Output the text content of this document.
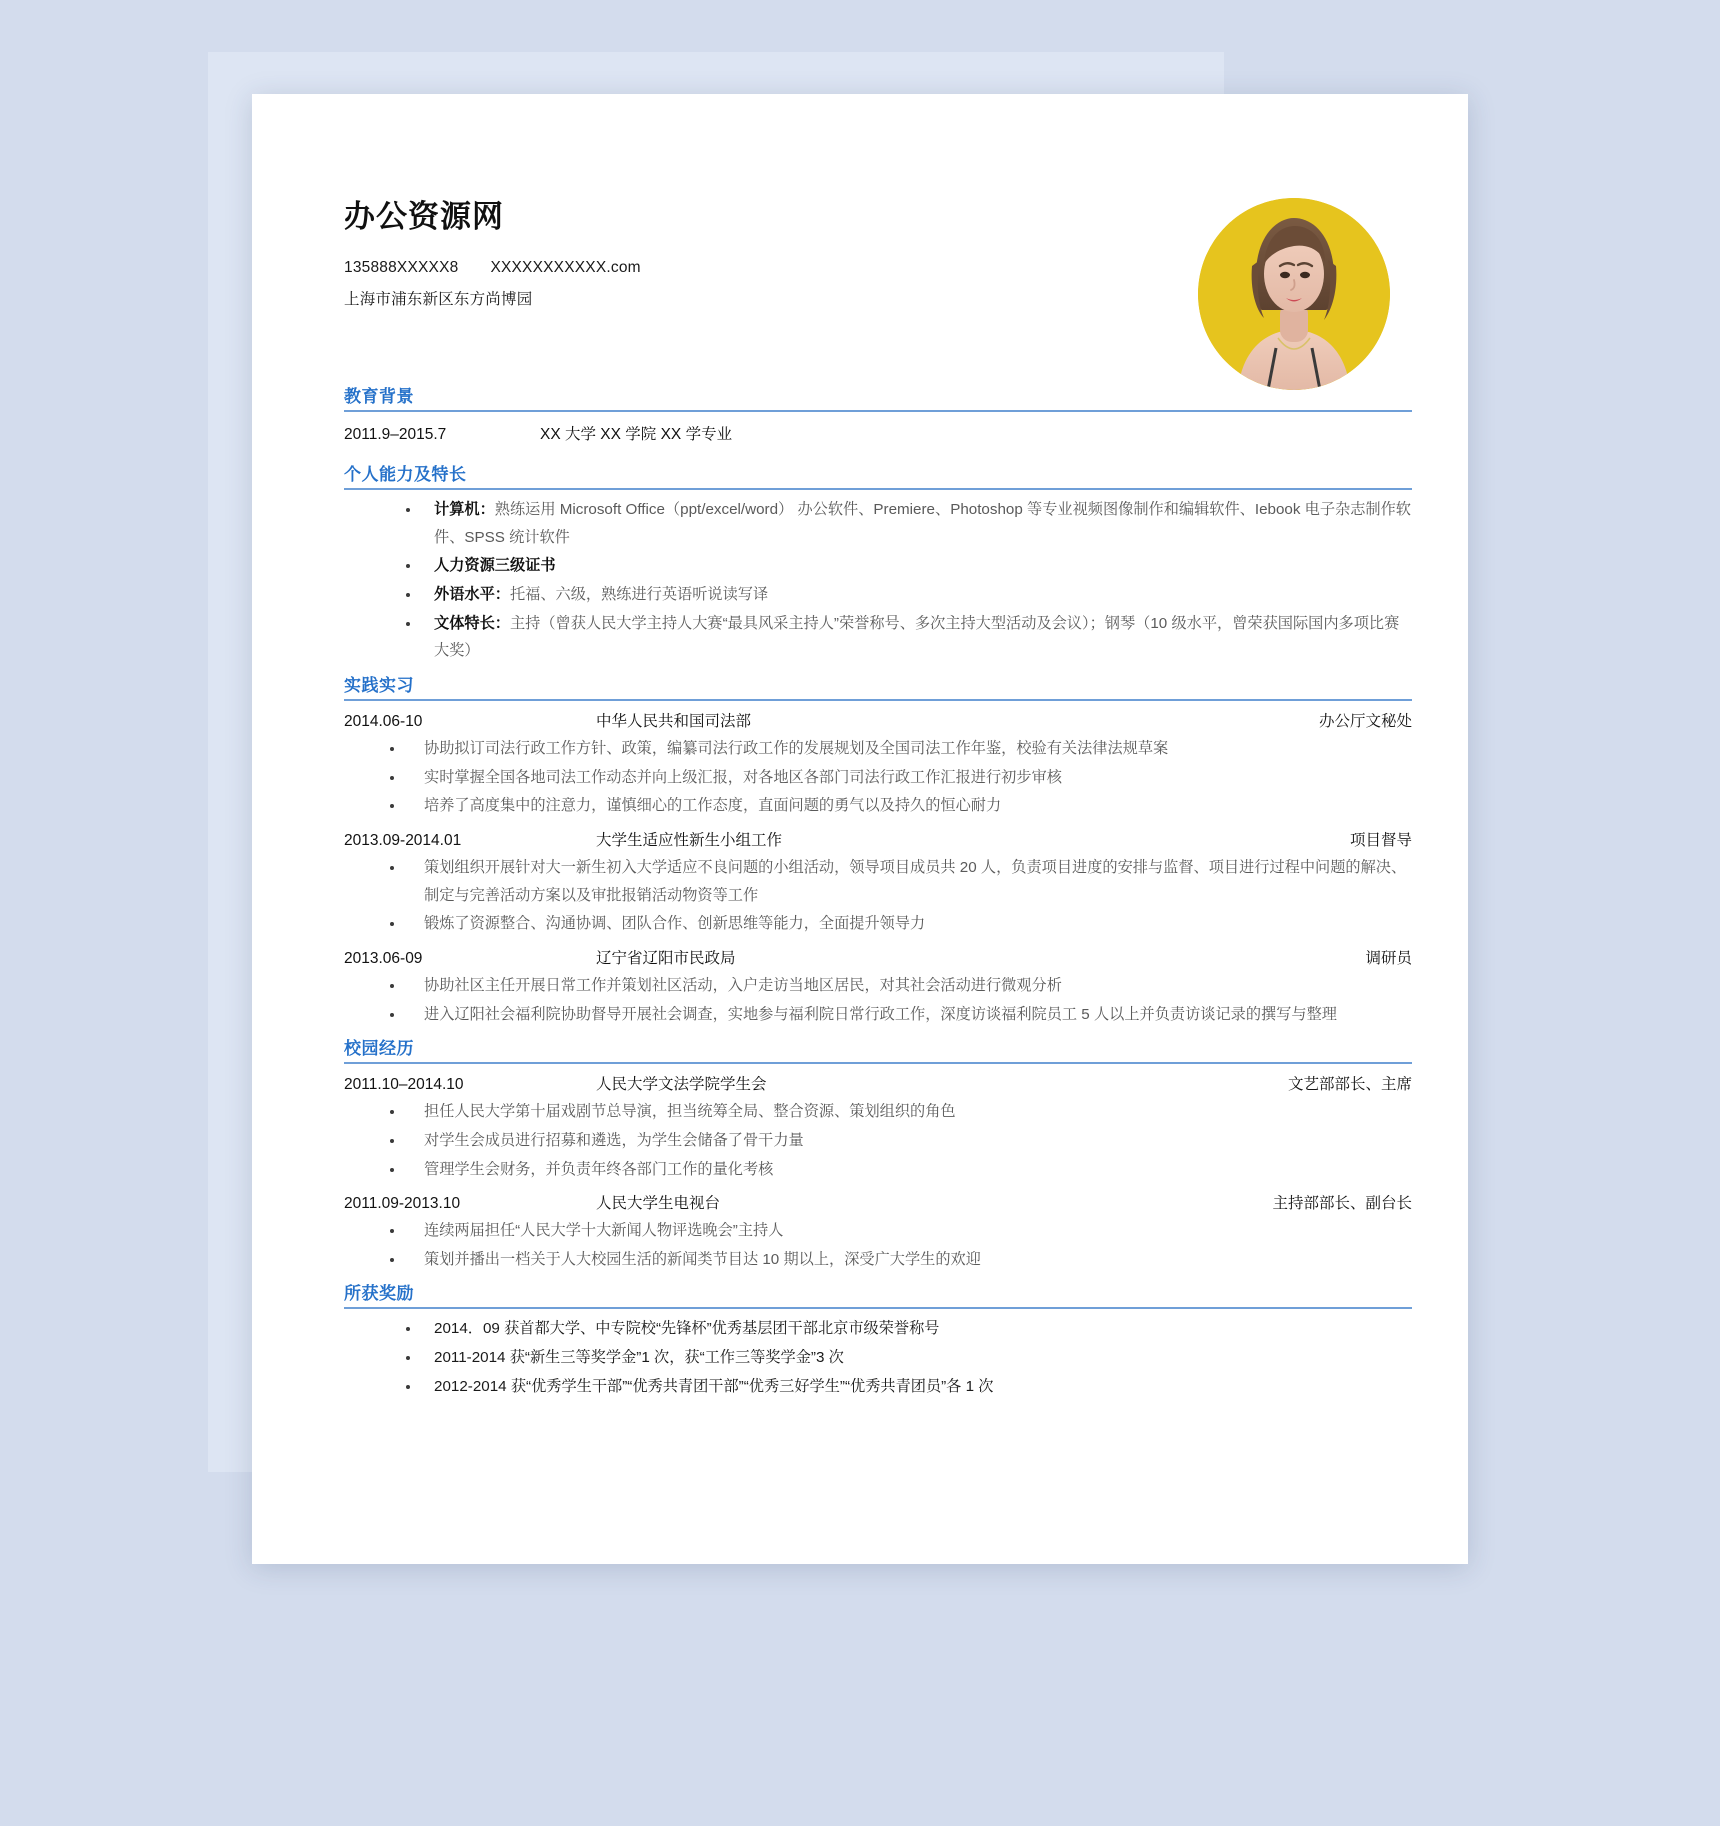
办公资源网
135888XXXXX8 XXXXXXXXXXX.com
上海市浦东新区东方尚博园
教育背景
2011.9–2015.7	XX 大学 XX 学院 XX 学专业
个人能力及特长
计算机：熟练运用 Microsoft Office（ppt/excel/word） 办公软件、Premiere、Photoshop 等专业视频图像制作和编辑软件、Iebook 电子杂志制作软件、SPSS 统计软件
人力资源三级证书
外语水平：托福、六级，熟练进行英语听说读写译
文体特长：主持（曾获人民大学主持人大赛“最具风采主持人”荣誉称号、多次主持大型活动及会议）；钢琴（10 级水平，曾荣获国际国内多项比赛大奖）
实践实习
2014.06-10	中华人民共和国司法部	办公厅文秘处
协助拟订司法行政工作方针、政策，编纂司法行政工作的发展规划及全国司法工作年鉴，校验有关法律法规草案
实时掌握全国各地司法工作动态并向上级汇报，对各地区各部门司法行政工作汇报进行初步审核
培养了高度集中的注意力，谨慎细心的工作态度，直面问题的勇气以及持久的恒心耐力
2013.09-2014.01	大学生适应性新生小组工作	项目督导
策划组织开展针对大一新生初入大学适应不良问题的小组活动，领导项目成员共 20 人，负责项目进度的安排与监督、项目进行过程中问题的解决、制定与完善活动方案以及审批报销活动物资等工作
锻炼了资源整合、沟通协调、团队合作、创新思维等能力，全面提升领导力
2013.06-09	辽宁省辽阳市民政局	调研员
协助社区主任开展日常工作并策划社区活动，入户走访当地区居民，对其社会活动进行微观分析
进入辽阳社会福利院协助督导开展社会调查，实地参与福利院日常行政工作，深度访谈福利院员工 5 人以上并负责访谈记录的撰写与整理
校园经历
2011.10–2014.10	人民大学文法学院学生会	文艺部部长、主席
担任人民大学第十届戏剧节总导演，担当统筹全局、整合资源、策划组织的角色
对学生会成员进行招募和遴选，为学生会储备了骨干力量
管理学生会财务，并负责年终各部门工作的量化考核
2011.09-2013.10	人民大学生电视台	主持部部长、副台长
连续两届担任“人民大学十大新闻人物评选晚会”主持人
策划并播出一档关于人大校园生活的新闻类节目达 10 期以上，深受广大学生的欢迎
所获奖励
2014．09 获首都大学、中专院校“先锋杯”优秀基层团干部北京市级荣誉称号
2011-2014 获“新生三等奖学金”1 次，获“工作三等奖学金”3 次
2012-2014 获“优秀学生干部”“优秀共青团干部”“优秀三好学生”“优秀共青团员”各 1 次
